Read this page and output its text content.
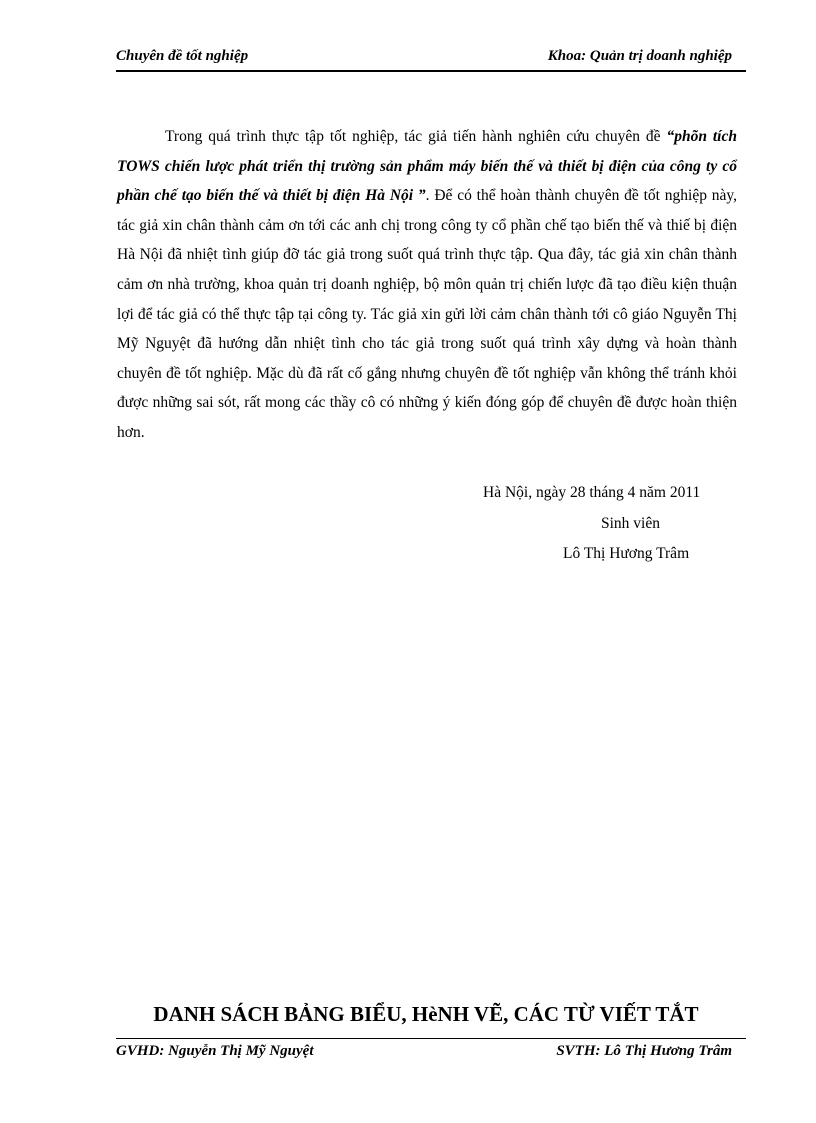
Chuyên đề tốt nghiệp	Khoa: Quản trị doanh nghiệp
Trong quá trình thực tập tốt nghiệp, tác giả tiến hành nghiên cứu chuyên đề “phõn tích TOWS chiến lược phát triển thị trường sản phẩm máy biến thế và thiết bị điện của công ty cổ phần chế tạo biến thế và thiết bị điện Hà Nội ”. Để có thể hoàn thành chuyên đề tốt nghiệp này, tác giả xin chân thành cảm ơn tới các anh chị trong công ty cổ phần chế tạo biến thế và thiế bị điện Hà Nội đã nhiệt tình giúp đỡ tác giả trong suốt quá trình thực tập. Qua đây, tác giả xin chân thành cảm ơn nhà trường, khoa quản trị doanh nghiệp, bộ môn quản trị chiến lược đã tạo điều kiện thuận lợi để tác giả có thể thực tập tại công ty. Tác giả xin gửi lời cảm chân thành tới cô giáo Nguyễn Thị Mỹ Nguyệt đã hướng dẫn nhiệt tình cho tác giả trong suốt quá trình xây dựng và hoàn thành chuyên đề tốt nghiệp. Mặc dù đã rất cố gắng nhưng chuyên đề tốt nghiệp vẫn không thể tránh khỏi được những sai sót, rất mong các thầy cô có những ý kiến đóng góp để chuyên đề được hoàn thiện hơn.
Hà Nội, ngày 28 tháng 4 năm 2011
Sinh viên
Lô Thị Hương Trâm
DANH SÁCH BẢNG BIỂU, HèNH VẼ, CÁC TỪ VIẾT TẮT
GVHD: Nguyễn Thị Mỹ Nguyệt	SVTH: Lô Thị Hương Trâm
